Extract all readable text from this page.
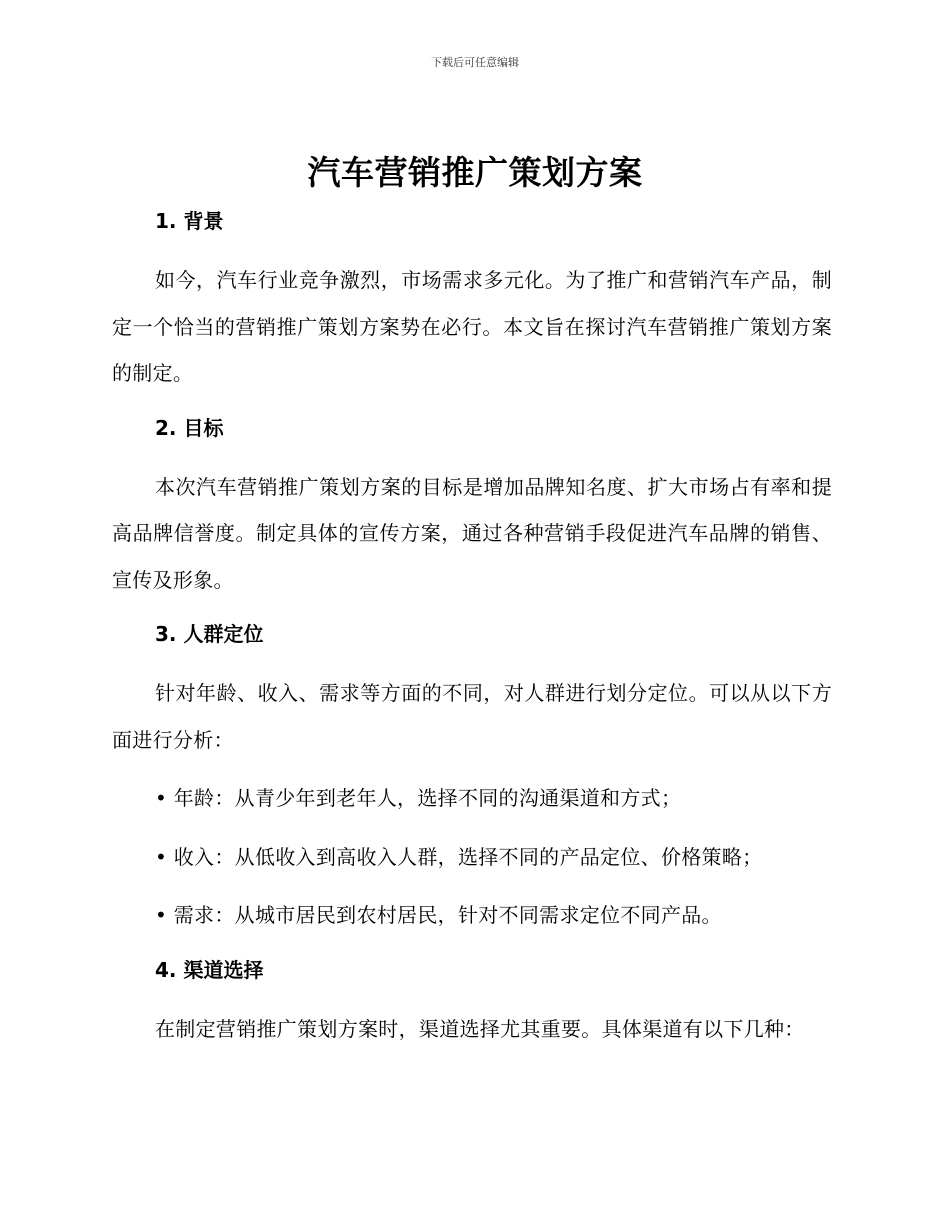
下载后可任意编辑
汽车营销推广策划方案
1. 背景

如今，汽车行业竞争激烈，市场需求多元化。为了推广和营销汽车产品，制定一个恰当的营销推广策划方案势在必行。本文旨在探讨汽车营销推广策划方案的制定。

2. 目标

本次汽车营销推广策划方案的目标是增加品牌知名度、扩大市场占有率和提高品牌信誉度。制定具体的宣传方案，通过各种营销手段促进汽车品牌的销售、宣传及形象。

3. 人群定位

针对年龄、收入、需求等方面的不同，对人群进行划分定位。可以从以下方面进行分析：

• 年龄：从青少年到老年人，选择不同的沟通渠道和方式；

• 收入：从低收入到高收入人群，选择不同的产品定位、价格策略；

• 需求：从城市居民到农村居民，针对不同需求定位不同产品。

4. 渠道选择

在制定营销推广策划方案时，渠道选择尤其重要。具体渠道有以下几种：
